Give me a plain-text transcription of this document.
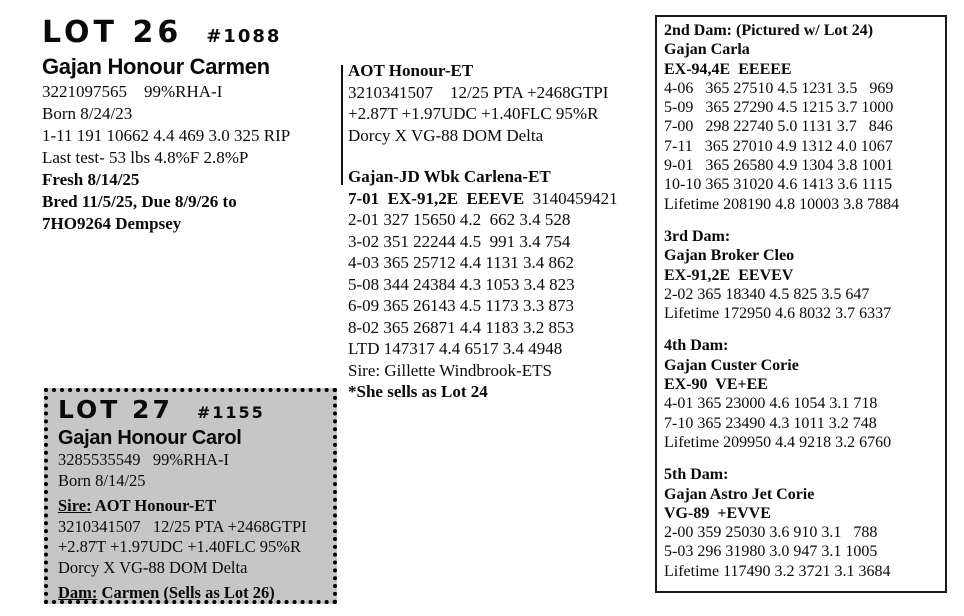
LOT 26 #1088
Gajan Honour Carmen
3221097565    99%RHA-I
Born 8/24/23
1-11 191 10662 4.4 469 3.0 325 RIP
Last test- 53 lbs 4.8%F 2.8%P
Fresh 8/14/25
Bred 11/5/25, Due 8/9/26 to
7HO9264 Dempsey
AOT Honour-ET
3210341507    12/25 PTA +2468GTPI
+2.87T +1.97UDC +1.40FLC 95%R
Dorcy X VG-88 DOM Delta
Gajan-JD Wbk Carlena-ET
7-01  EX-91,2E  EEEVE  3140459421
2-01 327 15650 4.2  662 3.4 528
3-02 351 22244 4.5  991 3.4 754
4-03 365 25712 4.4 1131 3.4 862
5-08 344 24384 4.3 1053 3.4 823
6-09 365 26143 4.5 1173 3.3 873
8-02 365 26871 4.4 1183 3.2 853
LTD 147317 4.4 6517 3.4 4948
Sire: Gillette Windbrook-ETS
*She sells as Lot 24
2nd Dam: (Pictured w/ Lot 24)
Gajan Carla
EX-94,4E  EEEEE
4-06   365 27510 4.5 1231 3.5   969
5-09   365 27290 4.5 1215 3.7 1000
7-00   298 22740 5.0 1131 3.7   846
7-11   365 27010 4.9 1312 4.0 1067
9-01   365 26580 4.9 1304 3.8 1001
10-10 365 31020 4.6 1413 3.6 1115
Lifetime 208190 4.8 10003 3.8 7884
3rd Dam:
Gajan Broker Cleo
EX-91,2E  EEVEV
2-02 365 18340 4.5 825 3.5 647
Lifetime 172950 4.6 8032 3.7 6337
4th Dam:
Gajan Custer Corie
EX-90  VE+EE
4-01 365 23000 4.6 1054 3.1 718
7-10 365 23490 4.3 1011 3.2 748
Lifetime 209950 4.4 9218 3.2 6760
5th Dam:
Gajan Astro Jet Corie
VG-89  +EVVE
2-00 359 25030 3.6 910 3.1   788
5-03 296 31980 3.0 947 3.1 1005
Lifetime 117490 3.2 3721 3.1 3684
LOT 27 #1155
Gajan Honour Carol
3285535549   99%RHA-I
Born 8/14/25
Sire: AOT Honour-ET
3210341507   12/25 PTA +2468GTPI
+2.87T +1.97UDC +1.40FLC 95%R
Dorcy X VG-88 DOM Delta
Dam: Carmen (Sells as Lot 26)
